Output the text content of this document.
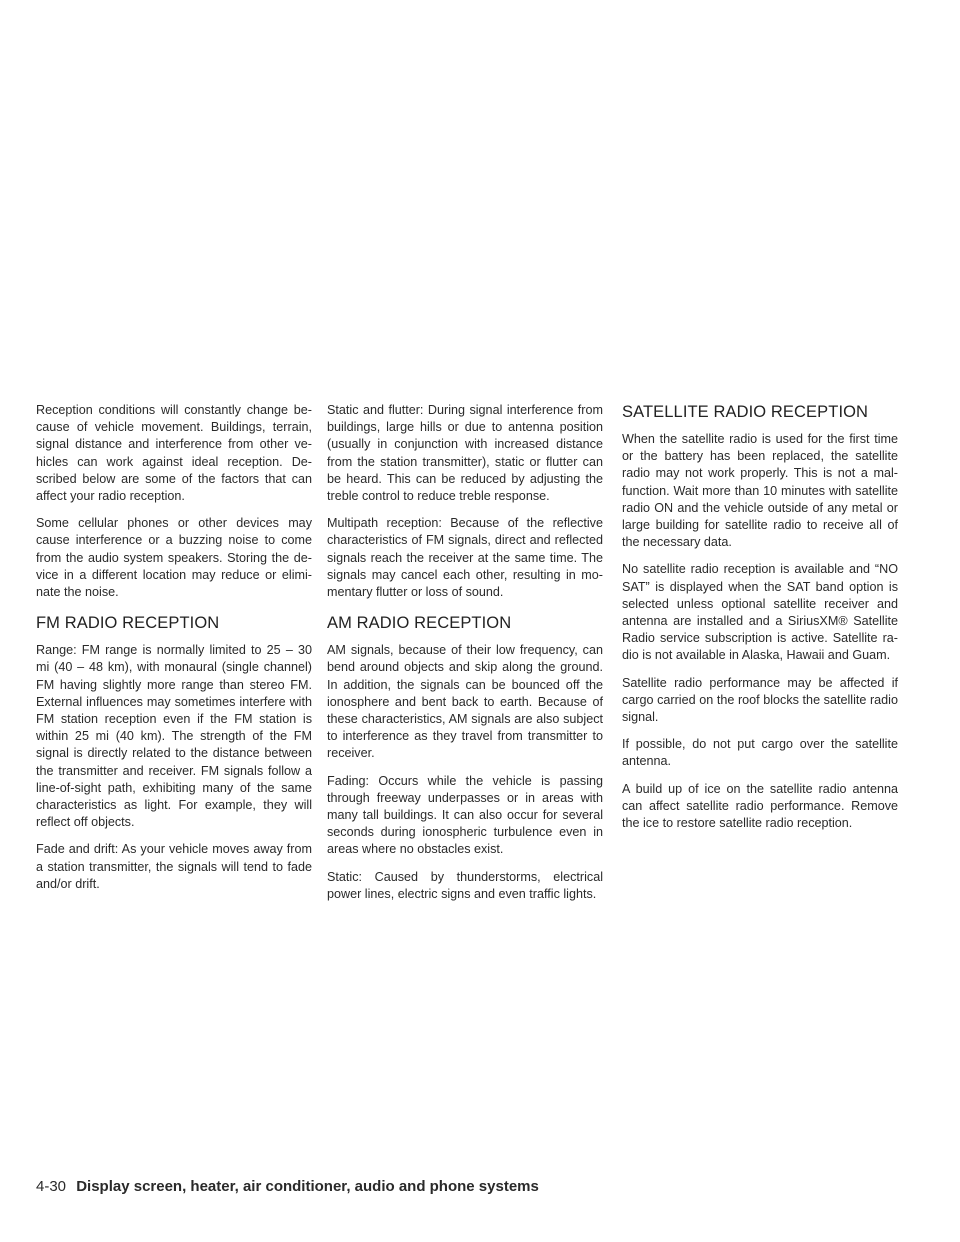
Reception conditions will constantly change because of vehicle movement. Buildings, terrain, signal distance and interference from other vehicles can work against ideal reception. Described below are some of the factors that can affect your radio reception.

Some cellular phones or other devices may cause interference or a buzzing noise to come from the audio system speakers. Storing the device in a different location may reduce or eliminate the noise.

FM RADIO RECEPTION

Range: FM range is normally limited to 25 – 30 mi (40 – 48 km), with monaural (single channel) FM having slightly more range than stereo FM. External influences may sometimes interfere with FM station reception even if the FM station is within 25 mi (40 km). The strength of the FM signal is directly related to the distance between the transmitter and receiver. FM signals follow a line-of-sight path, exhibiting many of the same characteristics as light. For example, they will reflect off objects.

Fade and drift: As your vehicle moves away from a station transmitter, the signals will tend to fade and/or drift.

Static and flutter: During signal interference from buildings, large hills or due to antenna position (usually in conjunction with increased distance from the station transmitter), static or flutter can be heard. This can be reduced by adjusting the treble control to reduce treble response.

Multipath reception: Because of the reflective characteristics of FM signals, direct and reflected signals reach the receiver at the same time. The signals may cancel each other, resulting in momentary flutter or loss of sound.

AM RADIO RECEPTION

AM signals, because of their low frequency, can bend around objects and skip along the ground. In addition, the signals can be bounced off the ionosphere and bent back to earth. Because of these characteristics, AM signals are also subject to interference as they travel from transmitter to receiver.

Fading: Occurs while the vehicle is passing through freeway underpasses or in areas with many tall buildings. It can also occur for several seconds during ionospheric turbulence even in areas where no obstacles exist.

Static: Caused by thunderstorms, electrical power lines, electric signs and even traffic lights.

SATELLITE RADIO RECEPTION

When the satellite radio is used for the first time or the battery has been replaced, the satellite radio may not work properly. This is not a malfunction. Wait more than 10 minutes with satellite radio ON and the vehicle outside of any metal or large building for satellite radio to receive all of the necessary data.

No satellite radio reception is available and “NO SAT” is displayed when the SAT band option is selected unless optional satellite receiver and antenna are installed and a SiriusXM® Satellite Radio service subscription is active. Satellite radio is not available in Alaska, Hawaii and Guam.

Satellite radio performance may be affected if cargo carried on the roof blocks the satellite radio signal.

If possible, do not put cargo over the satellite antenna.

A build up of ice on the satellite radio antenna can affect satellite radio performance. Remove the ice to restore satellite radio reception.

4-30 Display screen, heater, air conditioner, audio and phone systems
